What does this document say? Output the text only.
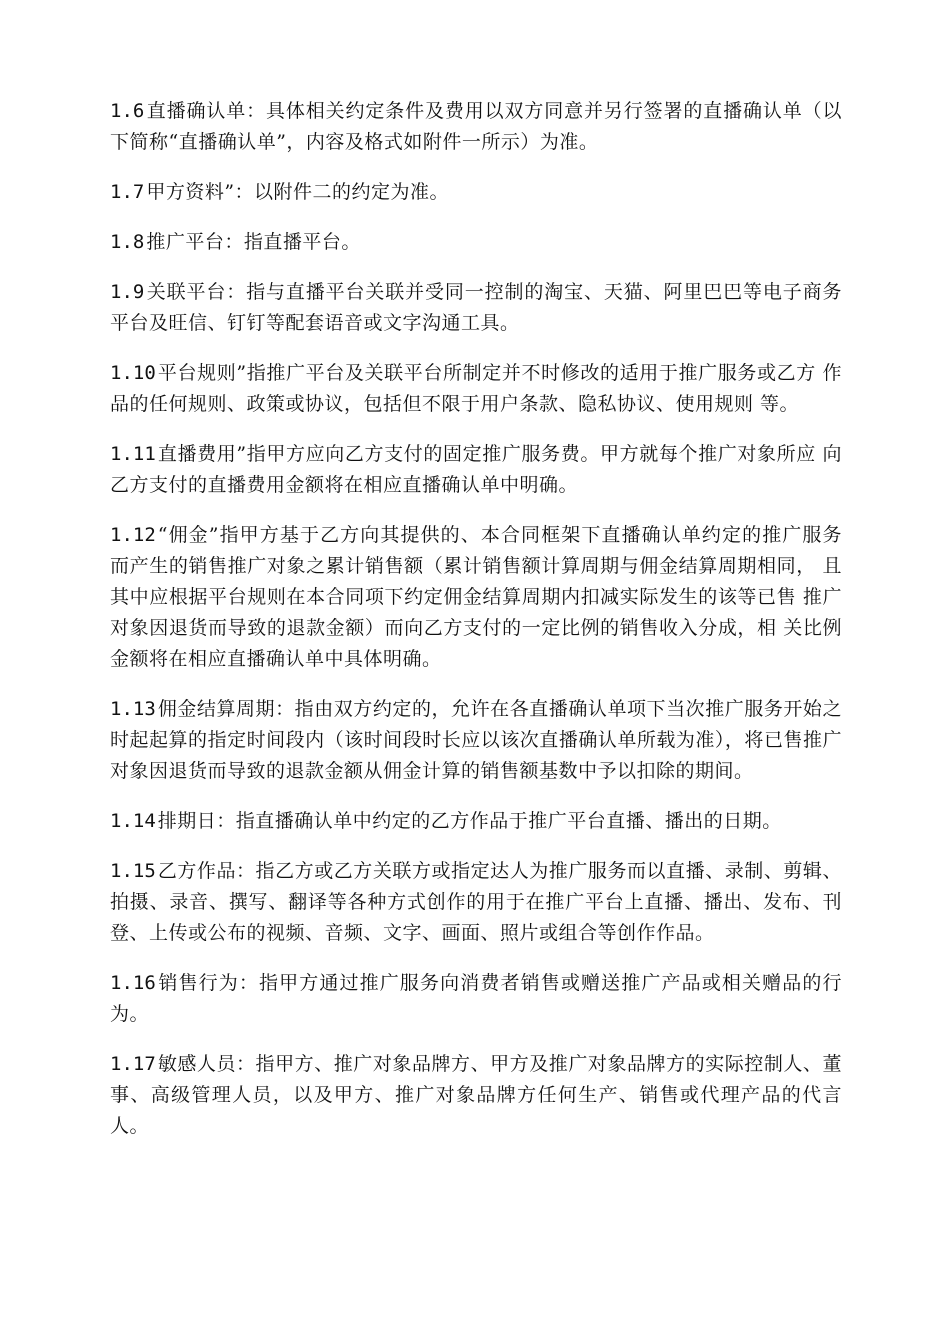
1.6 直播确认单：具体相关约定条件及费用以双方同意并另行签署的直播确认单（以下简称“直播确认单”，内容及格式如附件一所示）为准。

1.7 甲方资料”：以附件二的约定为准。

1.8 推广平台：指直播平台。

1.9 关联平台：指与直播平台关联并受同一控制的淘宝、天猫、阿里巴巴等电子商务平台及旺信、钉钉等配套语音或文字沟通工具。

1.10 平台规则”指推广平台及关联平台所制定并不时修改的适用于推广服务或乙方 作品的任何规则、政策或协议，包括但不限于用户条款、隐私协议、使用规则 等。

1.11 直播费用”指甲方应向乙方支付的固定推广服务费。甲方就每个推广对象所应 向乙方支付的直播费用金额将在相应直播确认单中明确。

1.12 “佣金”指甲方基于乙方向其提供的、本合同框架下直播确认单约定的推广服务 而产生的销售推广对象之累计销售额（累计销售额计算周期与佣金结算周期相同， 且其中应根据平台规则在本合同项下约定佣金结算周期内扣减实际发生的该等已售 推广对象因退货而导致的退款金额）而向乙方支付的一定比例的销售收入分成，相 关比例金额将在相应直播确认单中具体明确。

1.13 佣金结算周期：指由双方约定的，允许在各直播确认单项下当次推广服务开始之时起起算的指定时间段内（该时间段时长应以该次直播确认单所载为准），将已售推广对象因退货而导致的退款金额从佣金计算的销售额基数中予以扣除的期间。

1.14 排期日：指直播确认单中约定的乙方作品于推广平台直播、播出的日期。

1.15 乙方作品：指乙方或乙方关联方或指定达人为推广服务而以直播、录制、剪辑、拍摄、录音、撰写、翻译等各种方式创作的用于在推广平台上直播、播出、发布、刊登、上传或公布的视频、音频、文字、画面、照片或组合等创作作品。

1.16 销售行为：指甲方通过推广服务向消费者销售或赠送推广产品或相关赠品的行为。

1.17 敏感人员：指甲方、推广对象品牌方、甲方及推广对象品牌方的实际控制人、董事、高级管理人员，以及甲方、推广对象品牌方任何生产、销售或代理产品的代言人。
